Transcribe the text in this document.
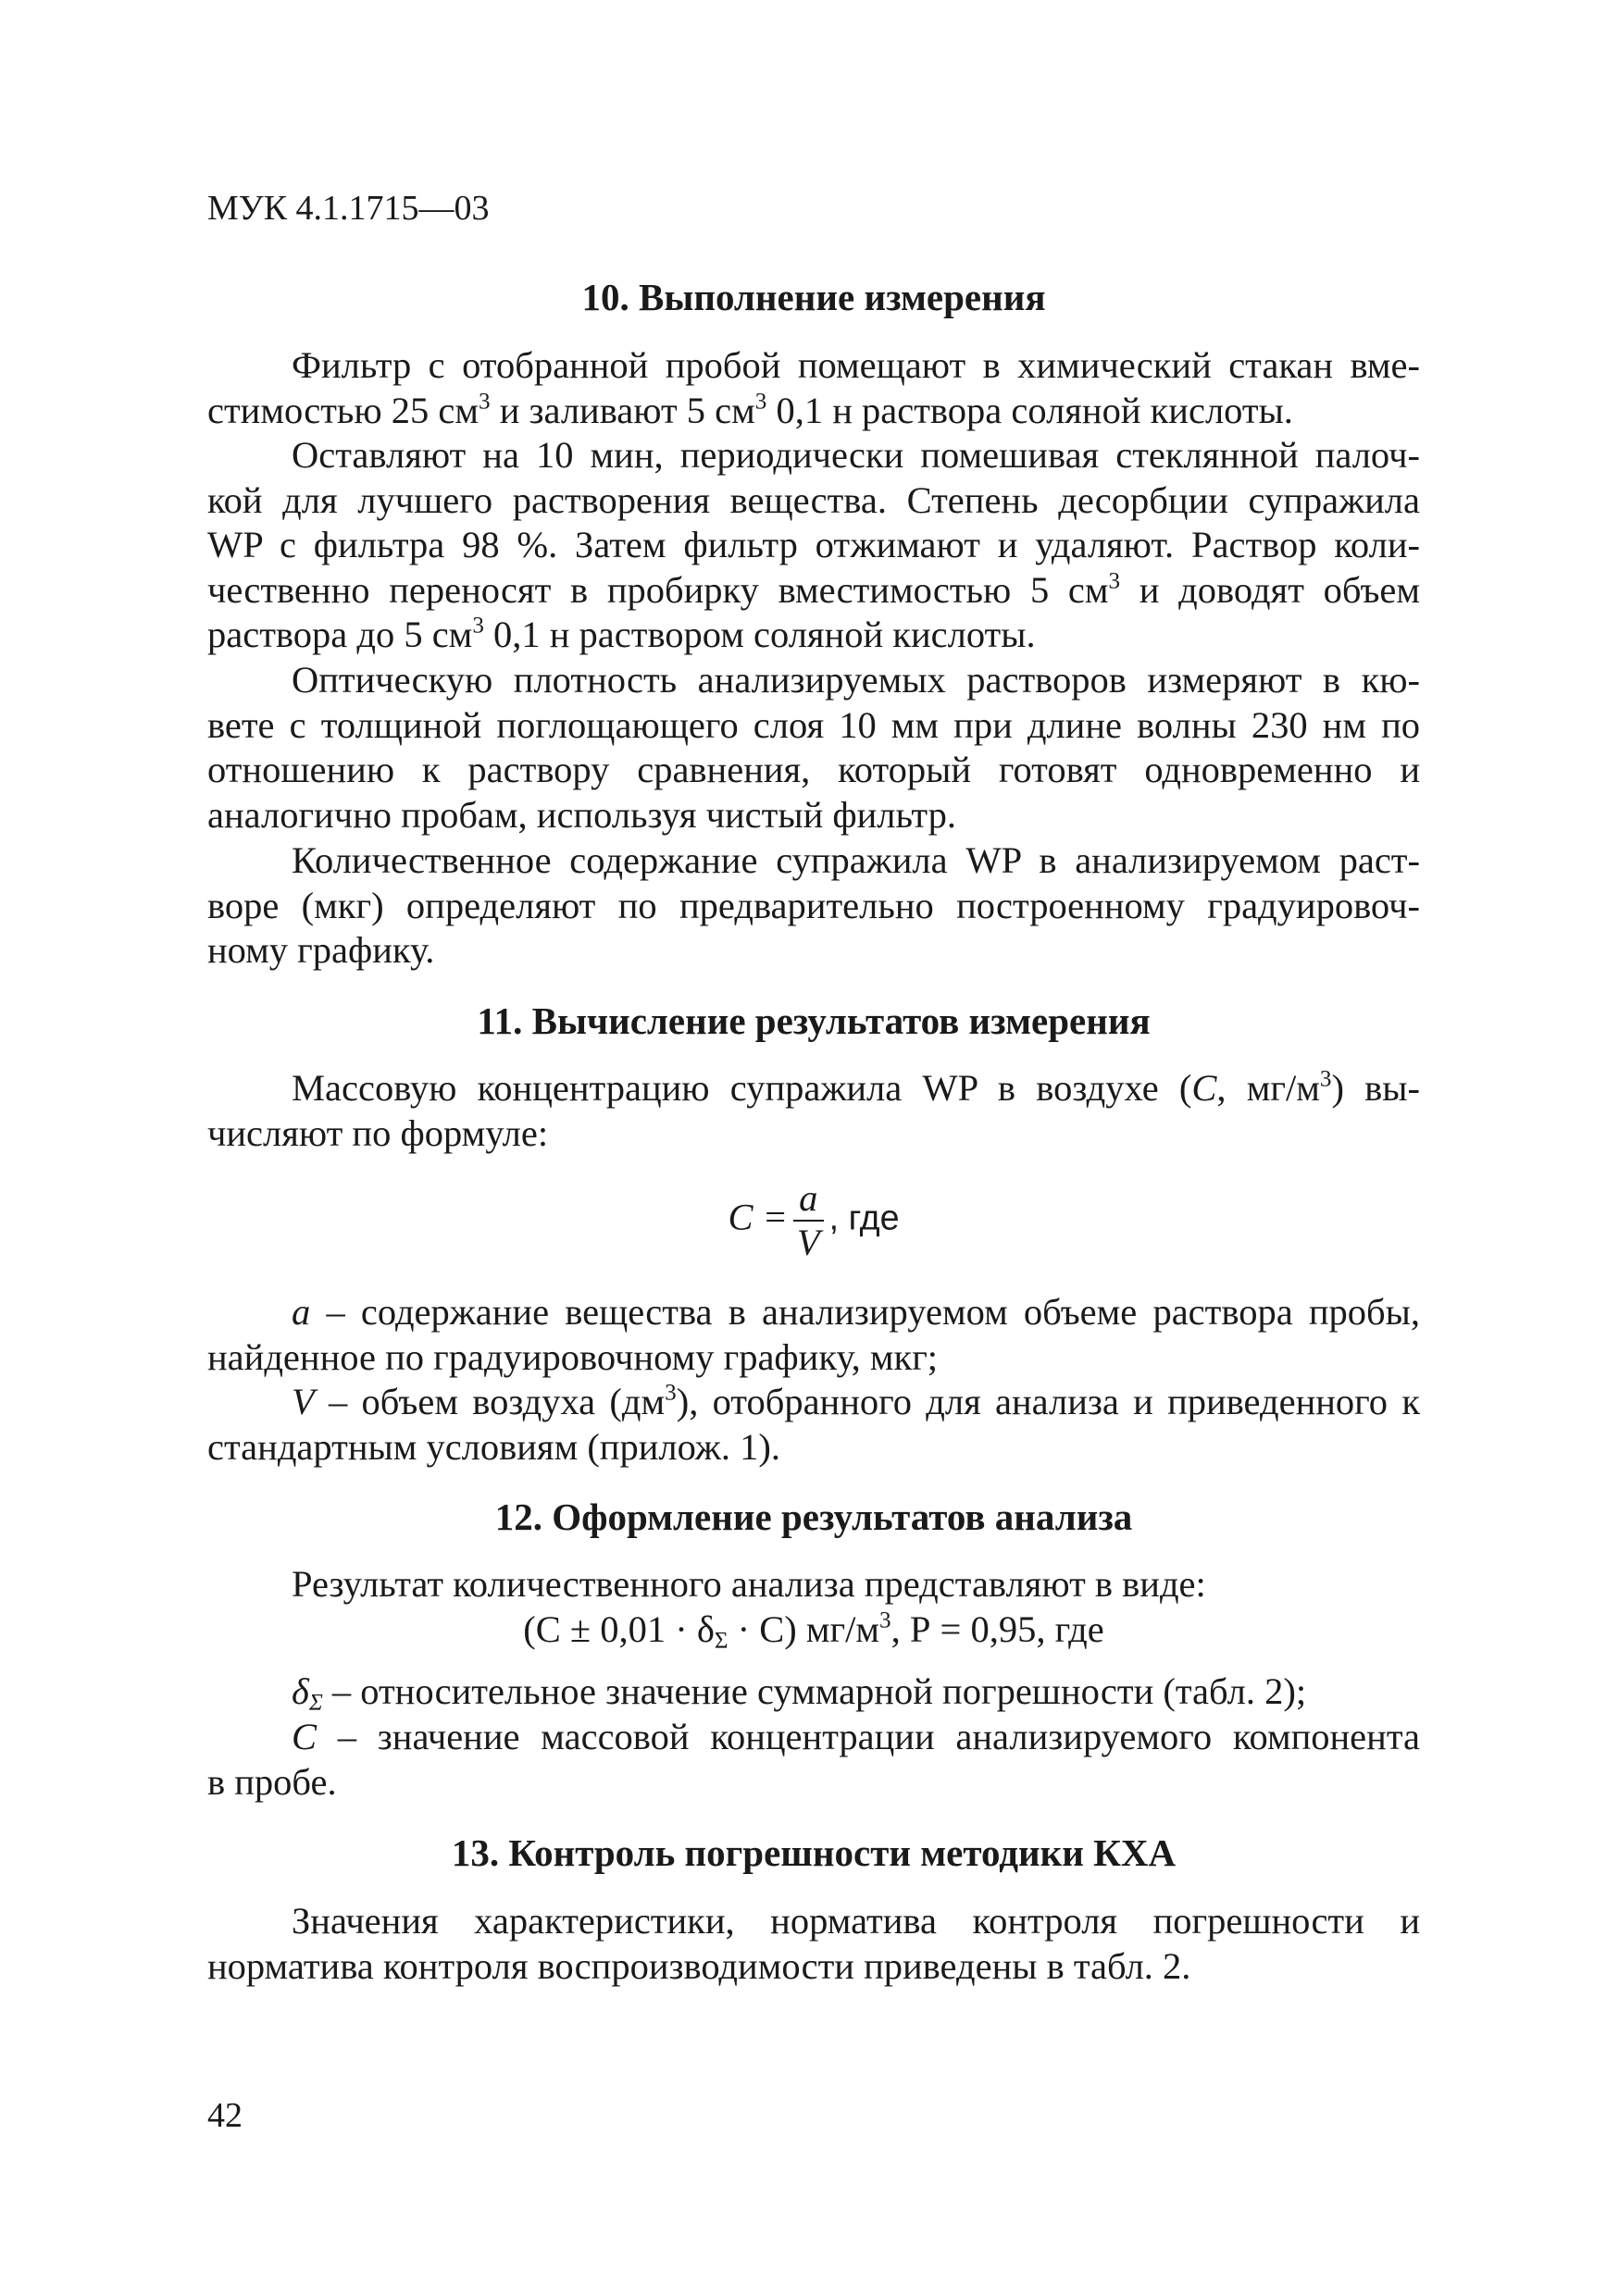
МУК 4.1.1715—03
10. Выполнение измерения
Фильтр с отобранной пробой помещают в химический стакан вме-
стимостью 25 $см^3$ и заливают 5 $см^3$ 0,1 н раствора соляной кислоты.
Оставляют на 10 мин, периодически помешивая стеклянной палоч-
кой для лучшего растворения вещества. Степень десорбции супражила
WP с фильтра 98 %. Затем фильтр отжимают и удаляют. Раствор коли-
чественно переносят в пробирку вместимостью 5 $см^3$ и доводят объем
раствора до 5 $см^3$ 0,1 н раствором соляной кислоты.
Оптическую плотность анализируемых растворов измеряют в кю-
вете с толщиной поглощающего слоя 10 мм при длине волны 230 нм по
отношению к раствору сравнения, который готовят одновременно и
аналогично пробам, используя чистый фильтр.
Количественное содержание супражила WP в анализируемом раст-
воре (мкг) определяют по предварительно построенному градуировоч-
ному графику.
11. Вычисление результатов измерения
Массовую концентрацию супражила WP в воздухе (C, $мг/м^3$) вы-
числяют по формуле:
$C = \frac{a}{V}$ , где
a – содержание вещества в анализируемом объеме раствора пробы,
найденное по градуировочному графику, мкг;
V – объем воздуха $(дм^3)$, отобранного для анализа и приведенного к
стандартным условиям (прилож. 1).
12. Оформление результатов анализа
Результат количественного анализа представляют в виде:
$(С \pm 0,01 \cdot \delta_\Sigma \cdot С)$ $мг/м^3$, Р = 0,95, где
$\delta_\Sigma$ – относительное значение суммарной погрешности (табл. 2);
C – значение массовой концентрации анализируемого компонента
в пробе.
13. Контроль погрешности методики КХА
Значения характеристики, норматива контроля погрешности и
норматива контроля воспроизводимости приведены в табл. 2.
42
